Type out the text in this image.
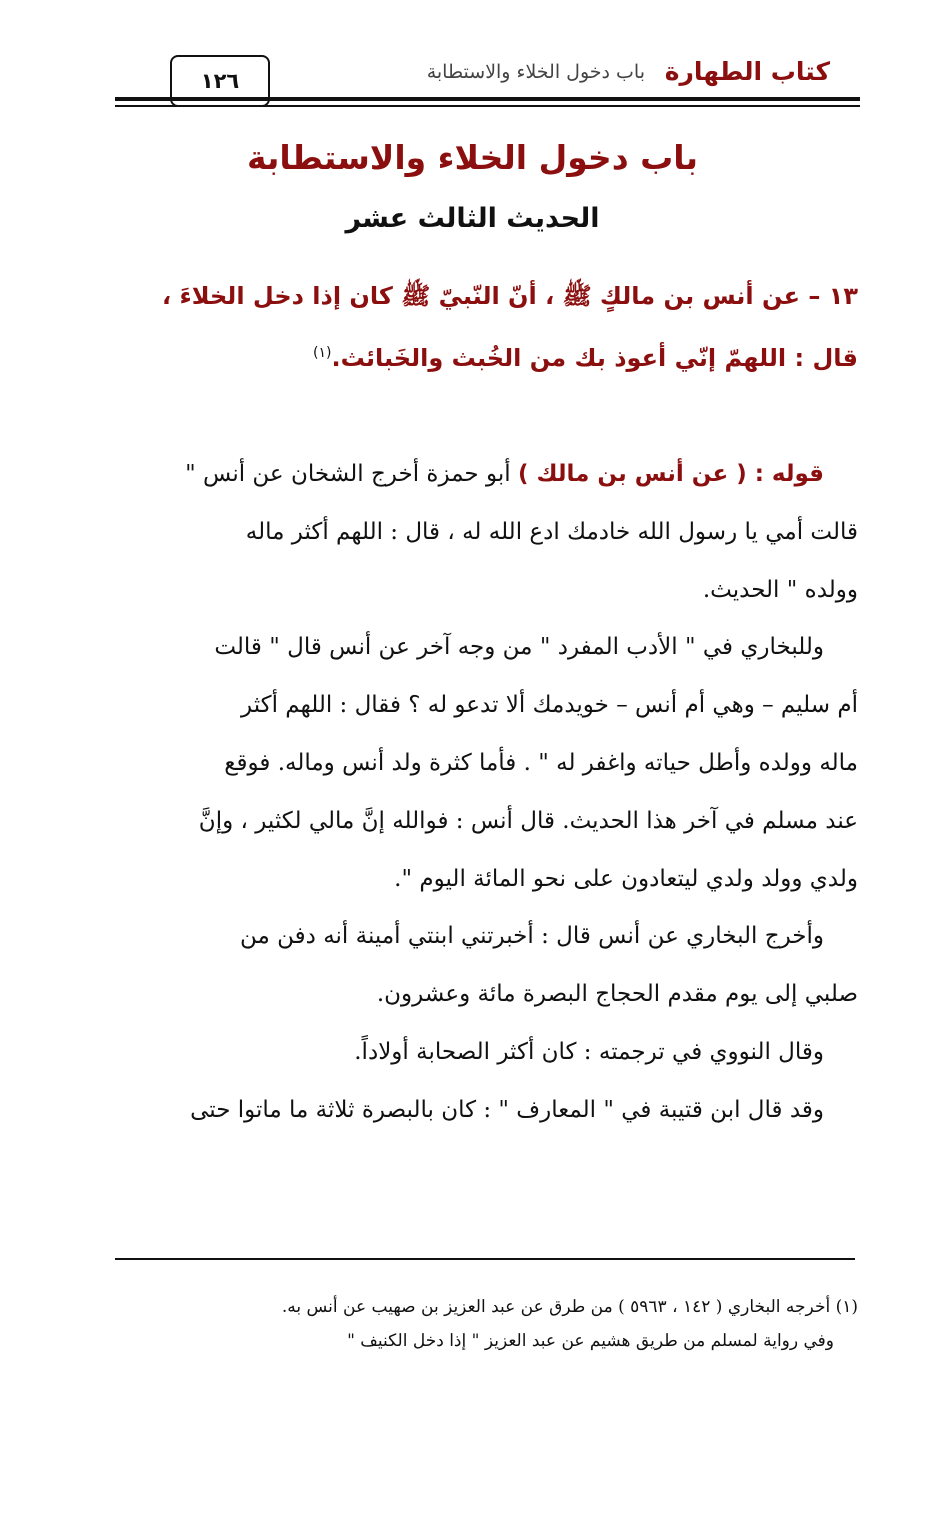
١٢٦	كتاب الطهارة
باب دخول الخلاء والاستطابة
باب دخول الخلاء والاستطابة
الحديث الثالث عشر
١٣ – عن أنس بن مالكٍ ﷺ ، أنّ النّبيّ ﷺ كان إذا دخل الخلاءَ ،
قال : اللهمّ إنّي أعوذ بك من الخُبث والخَبائث.$^{(١)}$
قوله : ( عن أنس بن مالك ) أبو حمزة أخرج الشخان عن أنس "
قالت أمي يا رسول الله خادمك ادع الله له ، قال : اللهم أكثر ماله
وولده " الحديث.
وللبخاري في " الأدب المفرد " من وجه آخر عن أنس قال " قالت
أم سليم – وهي أم أنس – خويدمك ألا تدعو له ؟ فقال : اللهم أكثر
ماله وولده وأطل حياته واغفر له " . فأما كثرة ولد أنس وماله. فوقع
عند مسلم في آخر هذا الحديث. قال أنس : فوالله إنَّ مالي لكثير ، وإنَّ
ولدي وولد ولدي ليتعادون على نحو المائة اليوم ".
وأخرج البخاري عن أنس قال : أخبرتني ابنتي أمينة أنه دفن من
صلبي إلى يوم مقدم الحجاج البصرة مائة وعشرون.
وقال النووي في ترجمته : كان أكثر الصحابة أولاداً.
وقد قال ابن قتيبة في " المعارف " : كان بالبصرة ثلاثة ما ماتوا حتى
(١) أخرجه البخاري ( ١٤٢ ، ٥٩٦٣ ) من طرق عن عبد العزيز بن صهيب عن أنس به.
وفي رواية لمسلم من طريق هشيم عن عبد العزيز " إذا دخل الكنيف "
